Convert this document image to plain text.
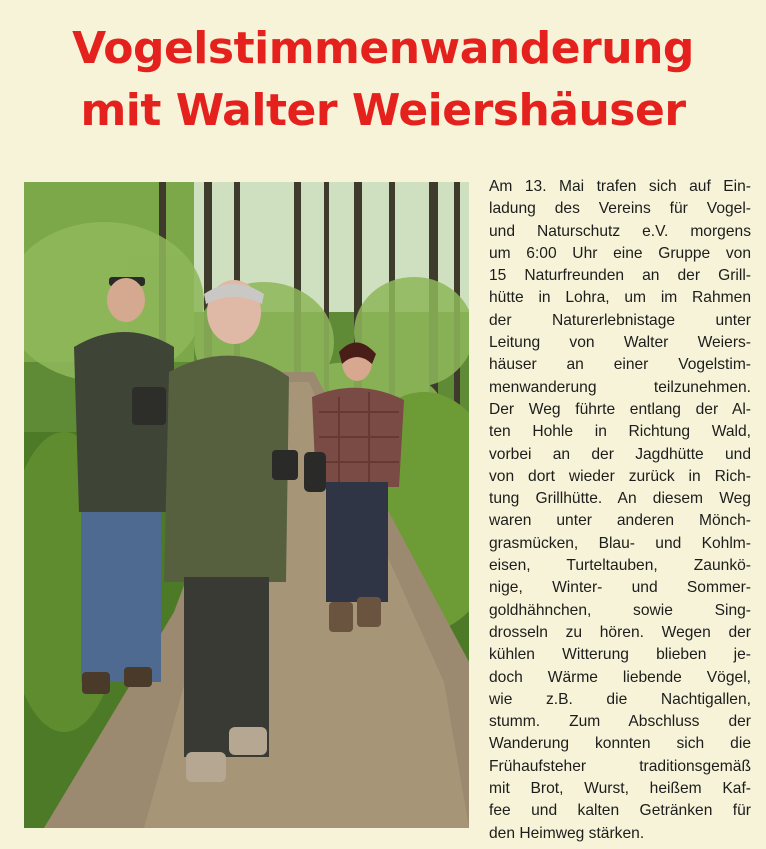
Vogelstimmenwanderung
mit Walter Weiershäuser
Am 13. Mai trafen sich auf Ein-
ladung des Vereins für Vogel-
und Naturschutz e.V. morgens
um 6:00 Uhr eine Gruppe von
15 Naturfreunden an der Grill-
hütte in Lohra, um im Rahmen
der Naturerlebnistage unter
Leitung von Walter Weiers-
häuser an einer Vogelstim-
menwanderung teilzunehmen.
Der Weg führte entlang der Al-
ten Hohle in Richtung Wald,
vorbei an der Jagdhütte und
von dort wieder zurück in Rich-
tung Grillhütte. An diesem Weg
waren unter anderen Mönch-
grasmücken, Blau- und Kohlm-
eisen, Turteltauben, Zaunkö-
nige, Winter- und Sommer-
goldhähnchen, sowie Sing-
drosseln zu hören. Wegen der
kühlen Witterung blieben je-
doch Wärme liebende Vögel,
wie z.B. die Nachtigallen,
stumm. Zum Abschluss der
Wanderung konnten sich die
Frühaufsteher traditionsgemäß
mit Brot, Wurst, heißem Kaf-
fee und kalten Getränken für
den Heimweg stärken.
